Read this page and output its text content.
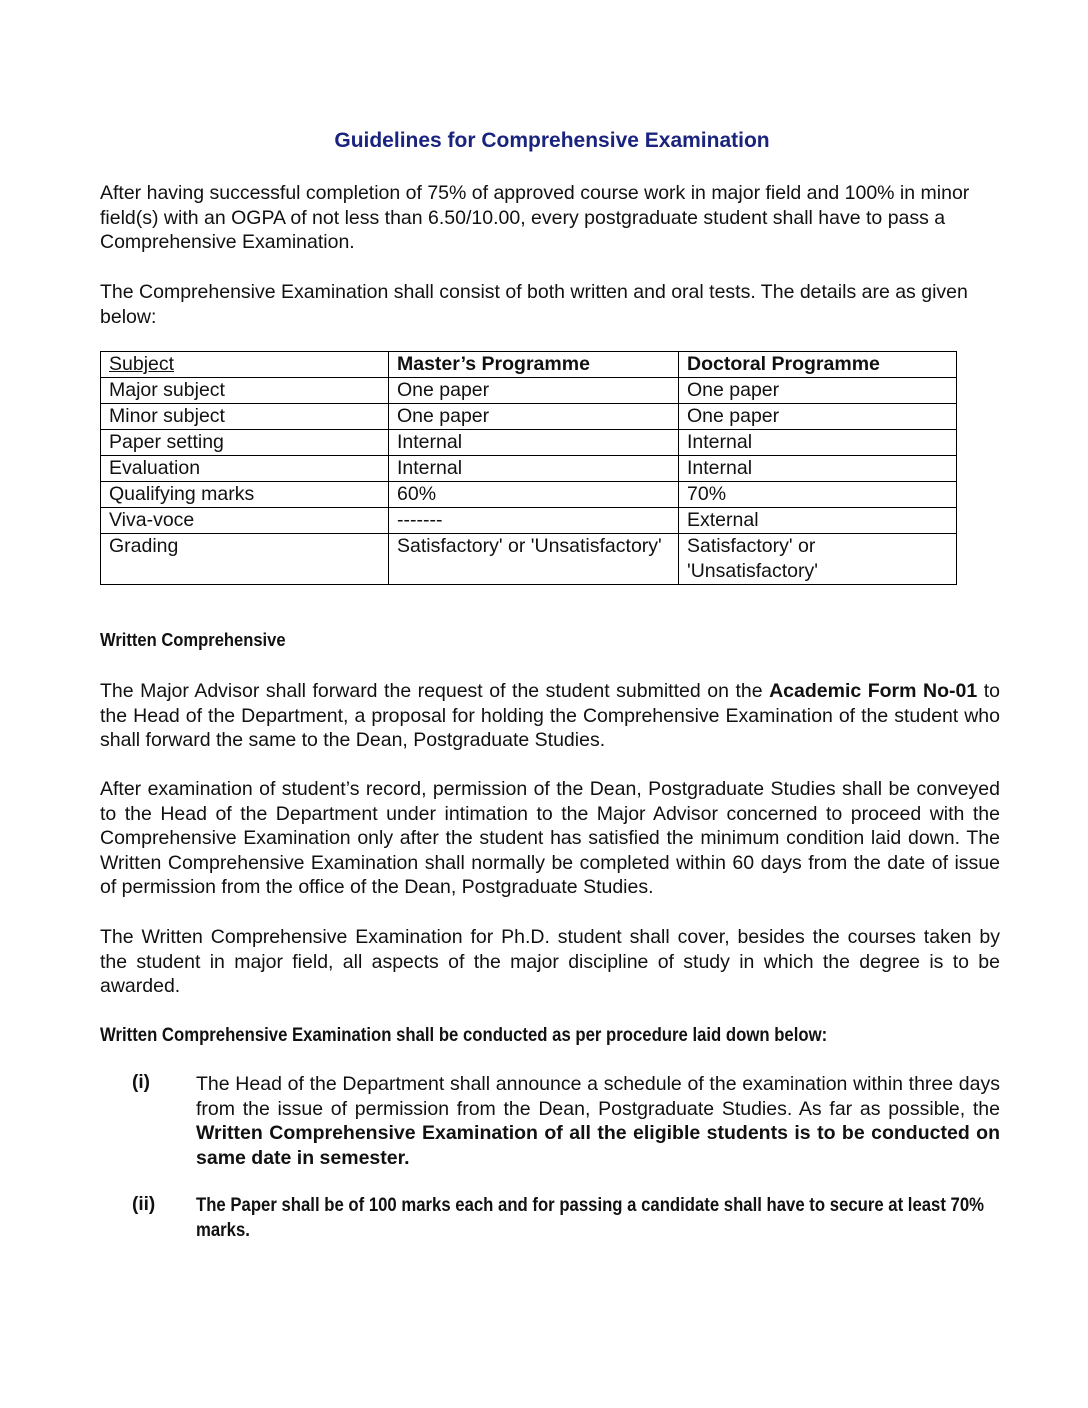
Guidelines for Comprehensive Examination

After having successful completion of 75% of approved course work in major field and 100% in minor field(s) with an OGPA of not less than 6.50/10.00, every postgraduate student shall have to pass a Comprehensive Examination.

The Comprehensive Examination shall consist of both written and oral tests. The details are as given below:

Subject	Master’s Programme	Doctoral Programme
Major subject	One paper	One paper
Minor subject	One paper	One paper
Paper setting	Internal	Internal
Evaluation	Internal	Internal
Qualifying marks	60%	70%
Viva-voce	-------	External
Grading	Satisfactory' or 'Unsatisfactory'	Satisfactory' or 'Unsatisfactory'
Written Comprehensive

The Major Advisor shall forward the request of the student submitted on the Academic Form No-01 to the Head of the Department, a proposal for holding the Comprehensive Examination of the student who shall forward the same to the Dean, Postgraduate Studies.

After examination of student’s record, permission of the Dean, Postgraduate Studies shall be conveyed to the Head of the Department under intimation to the Major Advisor concerned to proceed with the Comprehensive Examination only after the student has satisfied the minimum condition laid down. The Written Comprehensive Examination shall normally be completed within 60 days from the date of issue of permission from the office of the Dean, Postgraduate Studies.

The Written Comprehensive Examination for Ph.D. student shall cover, besides the courses taken by the student in major field, all aspects of the major discipline of study in which the degree is to be awarded.

Written Comprehensive Examination shall be conducted as per procedure laid down below:

(i) The Head of the Department shall announce a schedule of the examination within three days from the issue of permission from the Dean, Postgraduate Studies. As far as possible, the Written Comprehensive Examination of all the eligible students is to be conducted on same date in semester.

(ii) The Paper shall be of 100 marks each and for passing a candidate shall have to secure at least 70% marks.
